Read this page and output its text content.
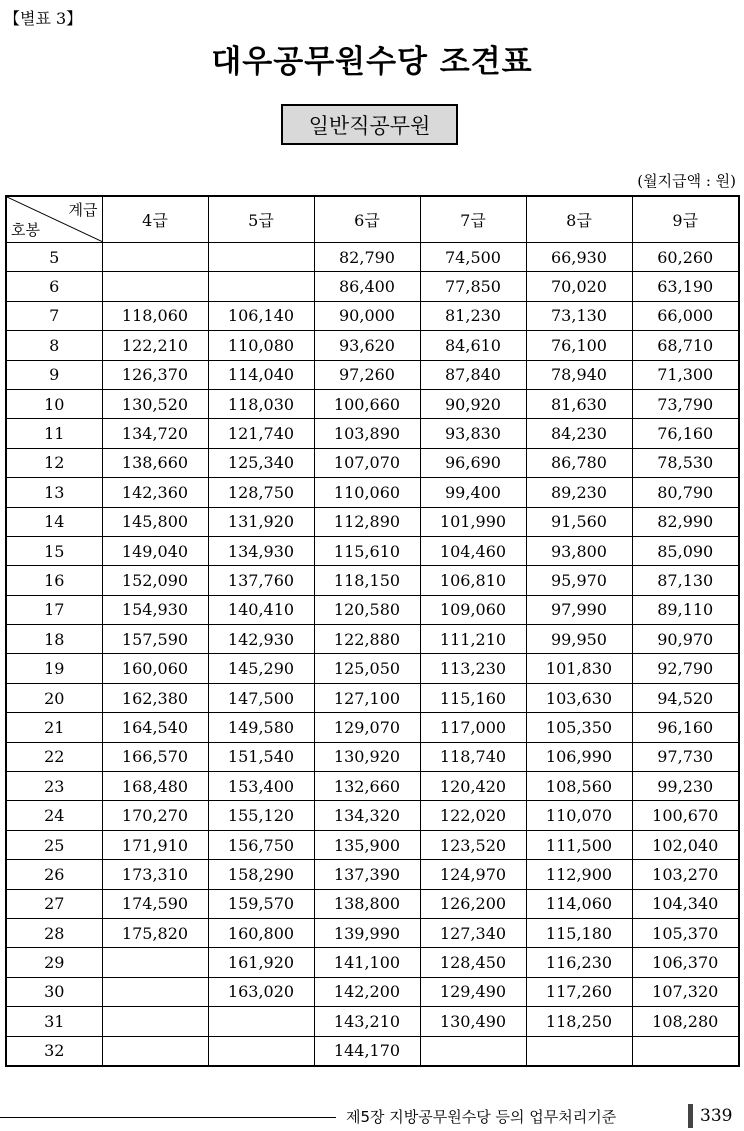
【별표 3】
대우공무원수당 조견표
일반직공무원
(월지급액 : 원)
계급
호봉	4급	5급	6급	7급	8급	9급
5			82,790	74,500	66,930	60,260
6			86,400	77,850	70,020	63,190
7	118,060	106,140	90,000	81,230	73,130	66,000
8	122,210	110,080	93,620	84,610	76,100	68,710
9	126,370	114,040	97,260	87,840	78,940	71,300
10	130,520	118,030	100,660	90,920	81,630	73,790
11	134,720	121,740	103,890	93,830	84,230	76,160
12	138,660	125,340	107,070	96,690	86,780	78,530
13	142,360	128,750	110,060	99,400	89,230	80,790
14	145,800	131,920	112,890	101,990	91,560	82,990
15	149,040	134,930	115,610	104,460	93,800	85,090
16	152,090	137,760	118,150	106,810	95,970	87,130
17	154,930	140,410	120,580	109,060	97,990	89,110
18	157,590	142,930	122,880	111,210	99,950	90,970
19	160,060	145,290	125,050	113,230	101,830	92,790
20	162,380	147,500	127,100	115,160	103,630	94,520
21	164,540	149,580	129,070	117,000	105,350	96,160
22	166,570	151,540	130,920	118,740	106,990	97,730
23	168,480	153,400	132,660	120,420	108,560	99,230
24	170,270	155,120	134,320	122,020	110,070	100,670
25	171,910	156,750	135,900	123,520	111,500	102,040
26	173,310	158,290	137,390	124,970	112,900	103,270
27	174,590	159,570	138,800	126,200	114,060	104,340
28	175,820	160,800	139,990	127,340	115,180	105,370
29		161,920	141,100	128,450	116,230	106,370
30		163,020	142,200	129,490	117,260	107,320
31			143,210	130,490	118,250	108,280
32			144,170			
제5장 지방공무원수당 등의 업무처리기준	339
